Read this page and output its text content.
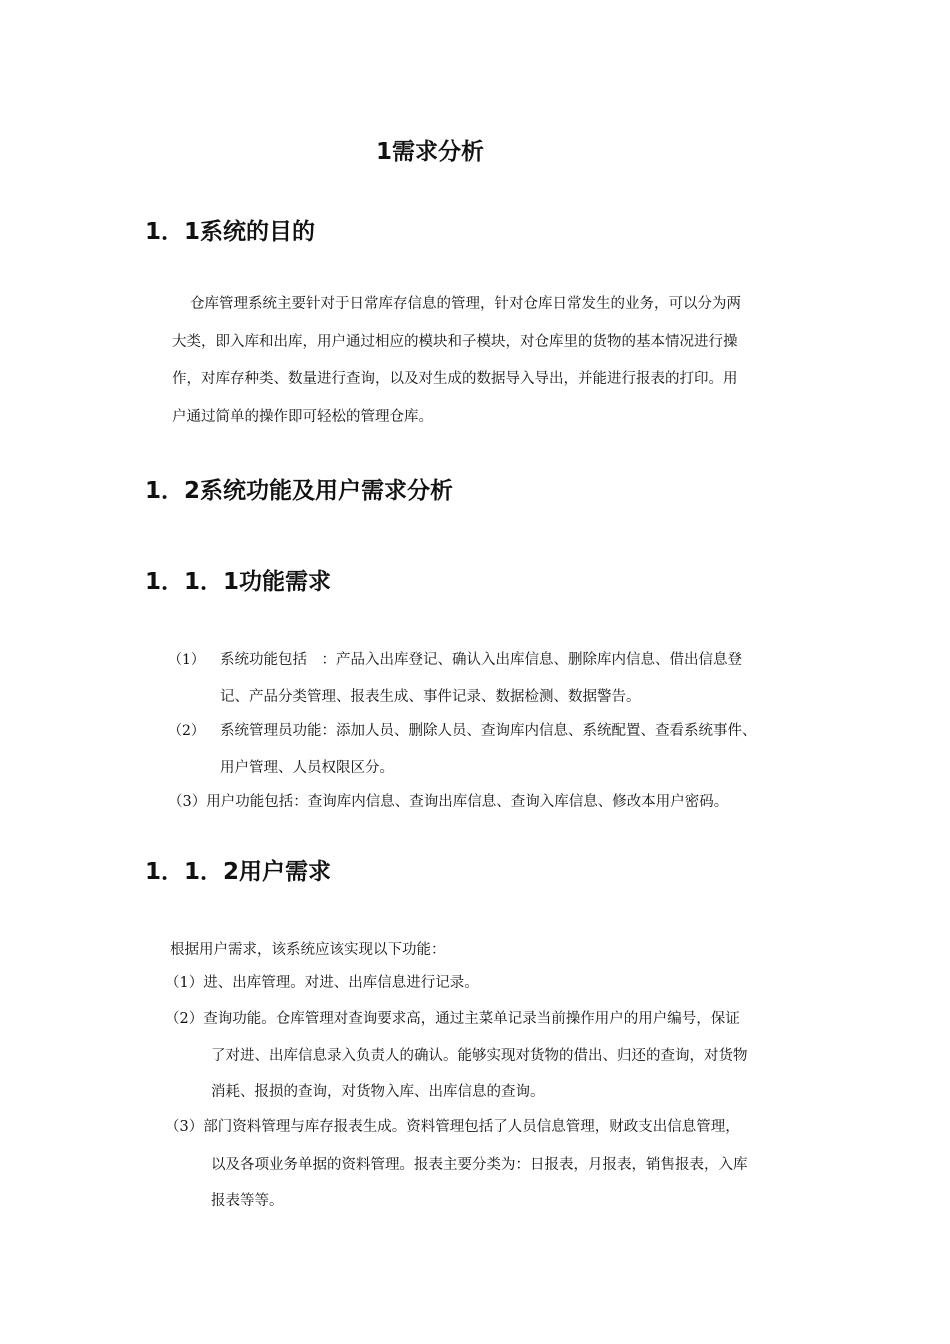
1需求分析
1．1系统的目的
仓库管理系统主要针对于日常库存信息的管理，针对仓库日常发生的业务，可以分为两
大类，即入库和出库，用户通过相应的模块和子模块，对仓库里的货物的基本情况进行操
作，对库存种类、数量进行查询，以及对生成的数据导入导出，并能进行报表的打印。用
户通过简单的操作即可轻松的管理仓库。
1．2系统功能及用户需求分析
1．1．1功能需求
（1） 系统功能包括　：产品入出库登记、确认入出库信息、删除库内信息、借出信息登
记、产品分类管理、报表生成、事件记录、数据检测、数据警告。
（2） 系统管理员功能：添加人员、删除人员、查询库内信息、系统配置、查看系统事件、
用户管理、人员权限区分。
（3）用户功能包括：查询库内信息、查询出库信息、查询入库信息、修改本用户密码。
1．1．2用户需求
根据用户需求，该系统应该实现以下功能：
（1）进、出库管理。对进、出库信息进行记录。
（2）查询功能。仓库管理对查询要求高，通过主菜单记录当前操作用户的用户编号，保证
了对进、出库信息录入负责人的确认。能够实现对货物的借出、归还的查询，对货物
消耗、报损的查询，对货物入库、出库信息的查询。
（3）部门资料管理与库存报表生成。资料管理包括了人员信息管理，财政支出信息管理，
以及各项业务单据的资料管理。报表主要分类为：日报表，月报表，销售报表，入库
报表等等。
